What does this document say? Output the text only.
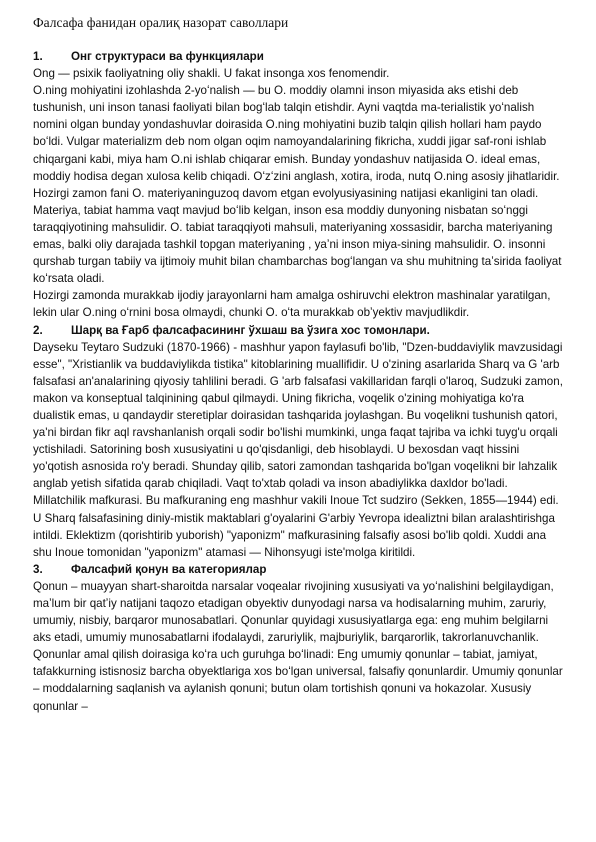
Фалсафа фанидан оралиқ назорат саволлари
1.	Онг структураси ва функциялари

Ong — psixik faoliyatning oliy shakli. U fakat insonga xos fenomendir.

O.ning mohiyatini izohlashda 2-yoʻnalish — bu O. moddiy olamni inson miyasida aks etishi deb tushunish, uni inson tanasi faoliyati bilan bogʻlab talqin etishdir. Ayni vaqtda ma-terialistik yoʻnalish nomini olgan bunday yondashuvlar doirasida O.ning mohiyatini buzib talqin qilish hollari ham paydo boʻldi. Vulgar materializm deb nom olgan oqim namoyandalarining fikricha, xuddi jigar saf-roni ishlab chiqargani kabi, miya ham O.ni ishlab chiqarar emish. Bunday yondashuv natijasida O. ideal emas, moddiy hodisa degan xulosa kelib chiqadi. Oʻzʻzini anglash, xotira, iroda, nutq O.ning asosiy jihatlaridir.

Hozirgi zamon fani O. materiyaninguzoq davom etgan evolyusiyasining natijasi ekanligini tan oladi. Materiya, tabiat hamma vaqt mavjud boʻlib kelgan, inson esa moddiy dunyoning nisbatan soʻnggi taraqqiyotining mahsulidir. O. tabiat taraqqiyoti mahsuli, materiyaning xossasidir, barcha materiyaning emas, balki oliy darajada tashkil topgan materiyaning , yaʼni inson miya-sining mahsulidir. O. insonni qurshab turgan tabiiy va ijtimoiy muhit bilan chambarchas bogʻlangan va shu muhitning taʼsirida faoliyat koʻrsata oladi.

Hozirgi zamonda murakkab ijodiy jarayonlarni ham amalga oshiruvchi elektron mashinalar yaratilgan, lekin ular O.ning oʻrnini bosa olmaydi, chunki O. oʻta murakkab obʼyektiv mavjudlikdir.

2.	Шарқ ва Ғарб фалсафасининг ўхшаш ва ўзига хос томонлари.

Dayseku Teytaro Sudzuki (1870-1966) - mashhur yapon faylasufi bo'lib, "Dzen-buddaviylik mavzusidagi esse", "Xristianlik va buddaviylikda tistika" kitoblarining muallifidir. U o'zining asarlarida Sharq va G 'arb falsafasi an'analarining qiyosiy tahlilini beradi. G 'arb falsafasi vakillaridan farqli o'laroq, Sudzuki zamon, makon va konseptual talqinining qabul qilmaydi. Uning fikricha, voqelik o'zining mohiyatiga ko'ra dualistik emas, u qandaydir steretiplar doirasidan tashqarida joylashgan. Bu voqelikni tushunish qatori, ya'ni birdan fikr aql ravshanlanish orqali sodir bo'lishi mumkinki, unga faqat tajriba va ichki tuyg'u orqali yctishiladi. Satorining bosh xususiyatini u qo'qisdanligi, deb hisoblaydi. U bexosdan vaqt hissini yo'qotish asnosida ro'y beradi. Shunday qilib, satori zamondan tashqarida bo'lgan voqelikni bir lahzalik anglab yetish sifatida qarab chiqiladi. Vaqt to'xtab qoladi va inson abadiylikka daxldor bo'ladi.

Millatchilik mafkurasi. Bu mafkuraning eng mashhur vakili Inoue Tct sudziro (Sekken, 1855—1944) edi. U Sharq falsafasining diniy-mistik maktablari g'oyalarini G'arbiy Yevropa idealiztni bilan aralashtirishga intildi. Eklektizm (qorishtirib yuborish) "yaponizm" mafkurasining falsafiy asosi bo'lib qoldi. Xuddi ana shu Inoue tomonidan "yaponizm" atamasi — Nihonsyugi iste'molga kiritildi.

3.	Фалсафий қонун ва категориялар

Qonun – muayyan shart-sharoitda narsalar voqealar rivojining xususiyati va yoʻnalishini belgilaydigan, maʼlum bir qatʼiy natijani taqozo etadigan obyektiv dunyodagi narsa va hodisalarning muhim, zaruriy, umumiy, nisbiy, barqaror munosabatlari. Qonunlar quyidagi xususiyatlarga ega: eng muhim belgilarni aks etadi, umumiy munosabatlarni ifodalaydi, zaruriylik, majburiylik, barqarorlik, takrorlanuvchanlik. Qonunlar amal qilish doirasiga koʻra uch guruhga boʻlinadi: Eng umumiy qonunlar – tabiat, jamiyat, tafakkurning istisnosiz barcha obyektlariga xos boʻlgan universal, falsafiy qonunlardir. Umumiy qonunlar – moddalarning saqlanish va aylanish qonuni; butun olam tortishish qonuni va hokazolar. Xususiy qonunlar –
